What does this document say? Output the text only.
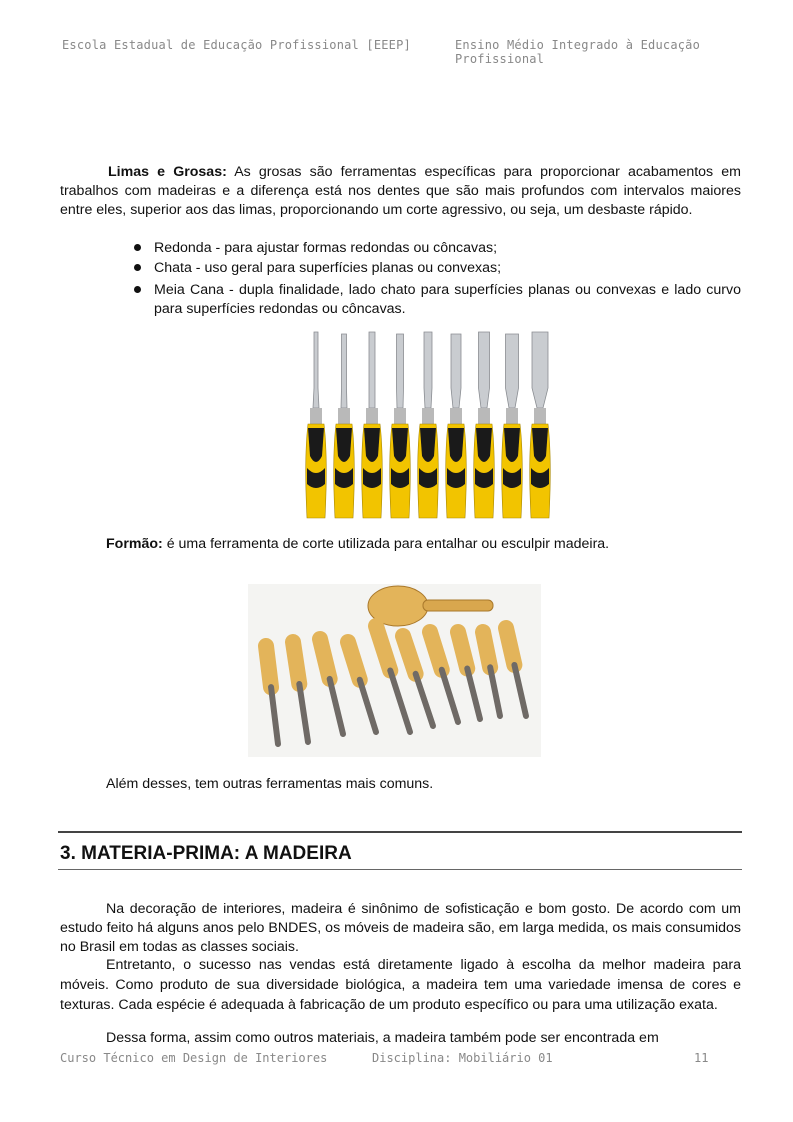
Escola Estadual de Educação Profissional [EEEP]	Ensino Médio Integrado à Educação Profissional
Limas e Grosas: As grosas são ferramentas específicas para proporcionar acabamentos em trabalhos com madeiras e a diferença está nos dentes que são mais profundos com intervalos maiores entre eles, superior aos das limas, proporcionando um corte agressivo, ou seja, um desbaste rápido.
Redonda - para ajustar formas redondas ou côncavas;
Chata - uso geral para superfícies planas ou convexas;
Meia Cana - dupla finalidade, lado chato para superfícies planas ou convexas e lado curvo para superfícies redondas ou côncavas.
Formão: é uma ferramenta de corte utilizada para entalhar ou esculpir madeira.
Além desses, tem outras ferramentas mais comuns.
3. MATERIA-PRIMA: A MADEIRA
Na decoração de interiores, madeira é sinônimo de sofisticação e bom gosto. De acordo com um estudo feito há alguns anos pelo BNDES, os móveis de madeira são, em larga medida, os mais consumidos no Brasil em todas as classes sociais.
Entretanto, o sucesso nas vendas está diretamente ligado à escolha da melhor madeira para móveis. Como produto de sua diversidade biológica, a madeira tem uma variedade imensa de cores e texturas. Cada espécie é adequada à fabricação de um produto específico ou para uma utilização exata.
Dessa forma, assim como outros materiais, a madeira também pode ser encontrada em
Curso Técnico em Design de Interiores	Disciplina: Mobiliário 01	11
